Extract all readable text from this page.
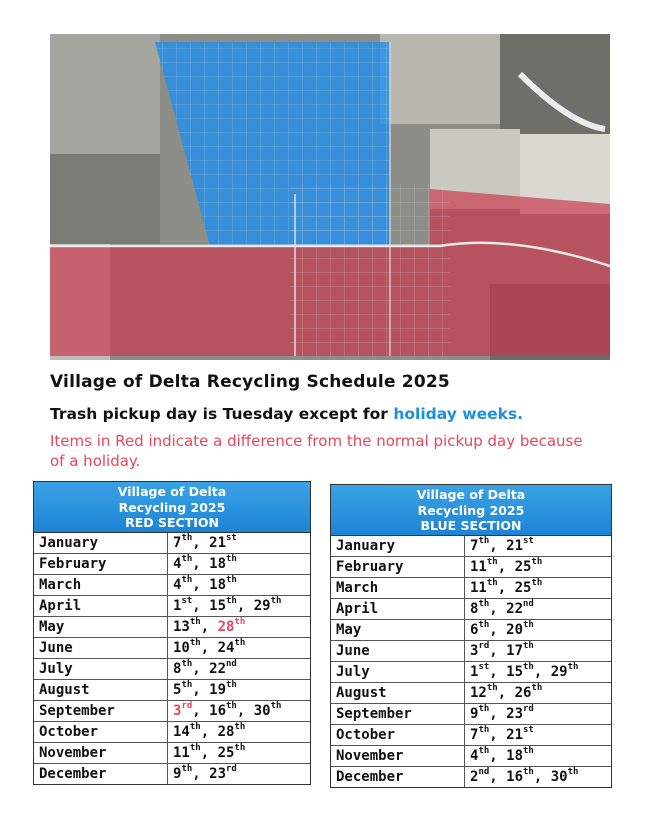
Village of Delta Recycling Schedule 2025
Trash pickup day is Tuesday except for holiday weeks.
Items in Red indicate a difference from the normal pickup day because of a holiday.
Village of Delta
Recycling 2025
RED SECTION
January	7th, 21st
February	4th, 18th
March	4th, 18th
April	1st, 15th, 29th
May	13th, 28th
June	10th, 24th
July	8th, 22nd
August	5th, 19th
September	3rd, 16th, 30th
October	14th, 28th
November	11th, 25th
December	9th, 23rd
Village of Delta
Recycling 2025
BLUE SECTION
January	7th, 21st
February	11th, 25th
March	11th, 25th
April	8th, 22nd
May	6th, 20th
June	3rd, 17th
July	1st, 15th, 29th
August	12th, 26th
September	9th, 23rd
October	7th, 21st
November	4th, 18th
December	2nd, 16th, 30th
